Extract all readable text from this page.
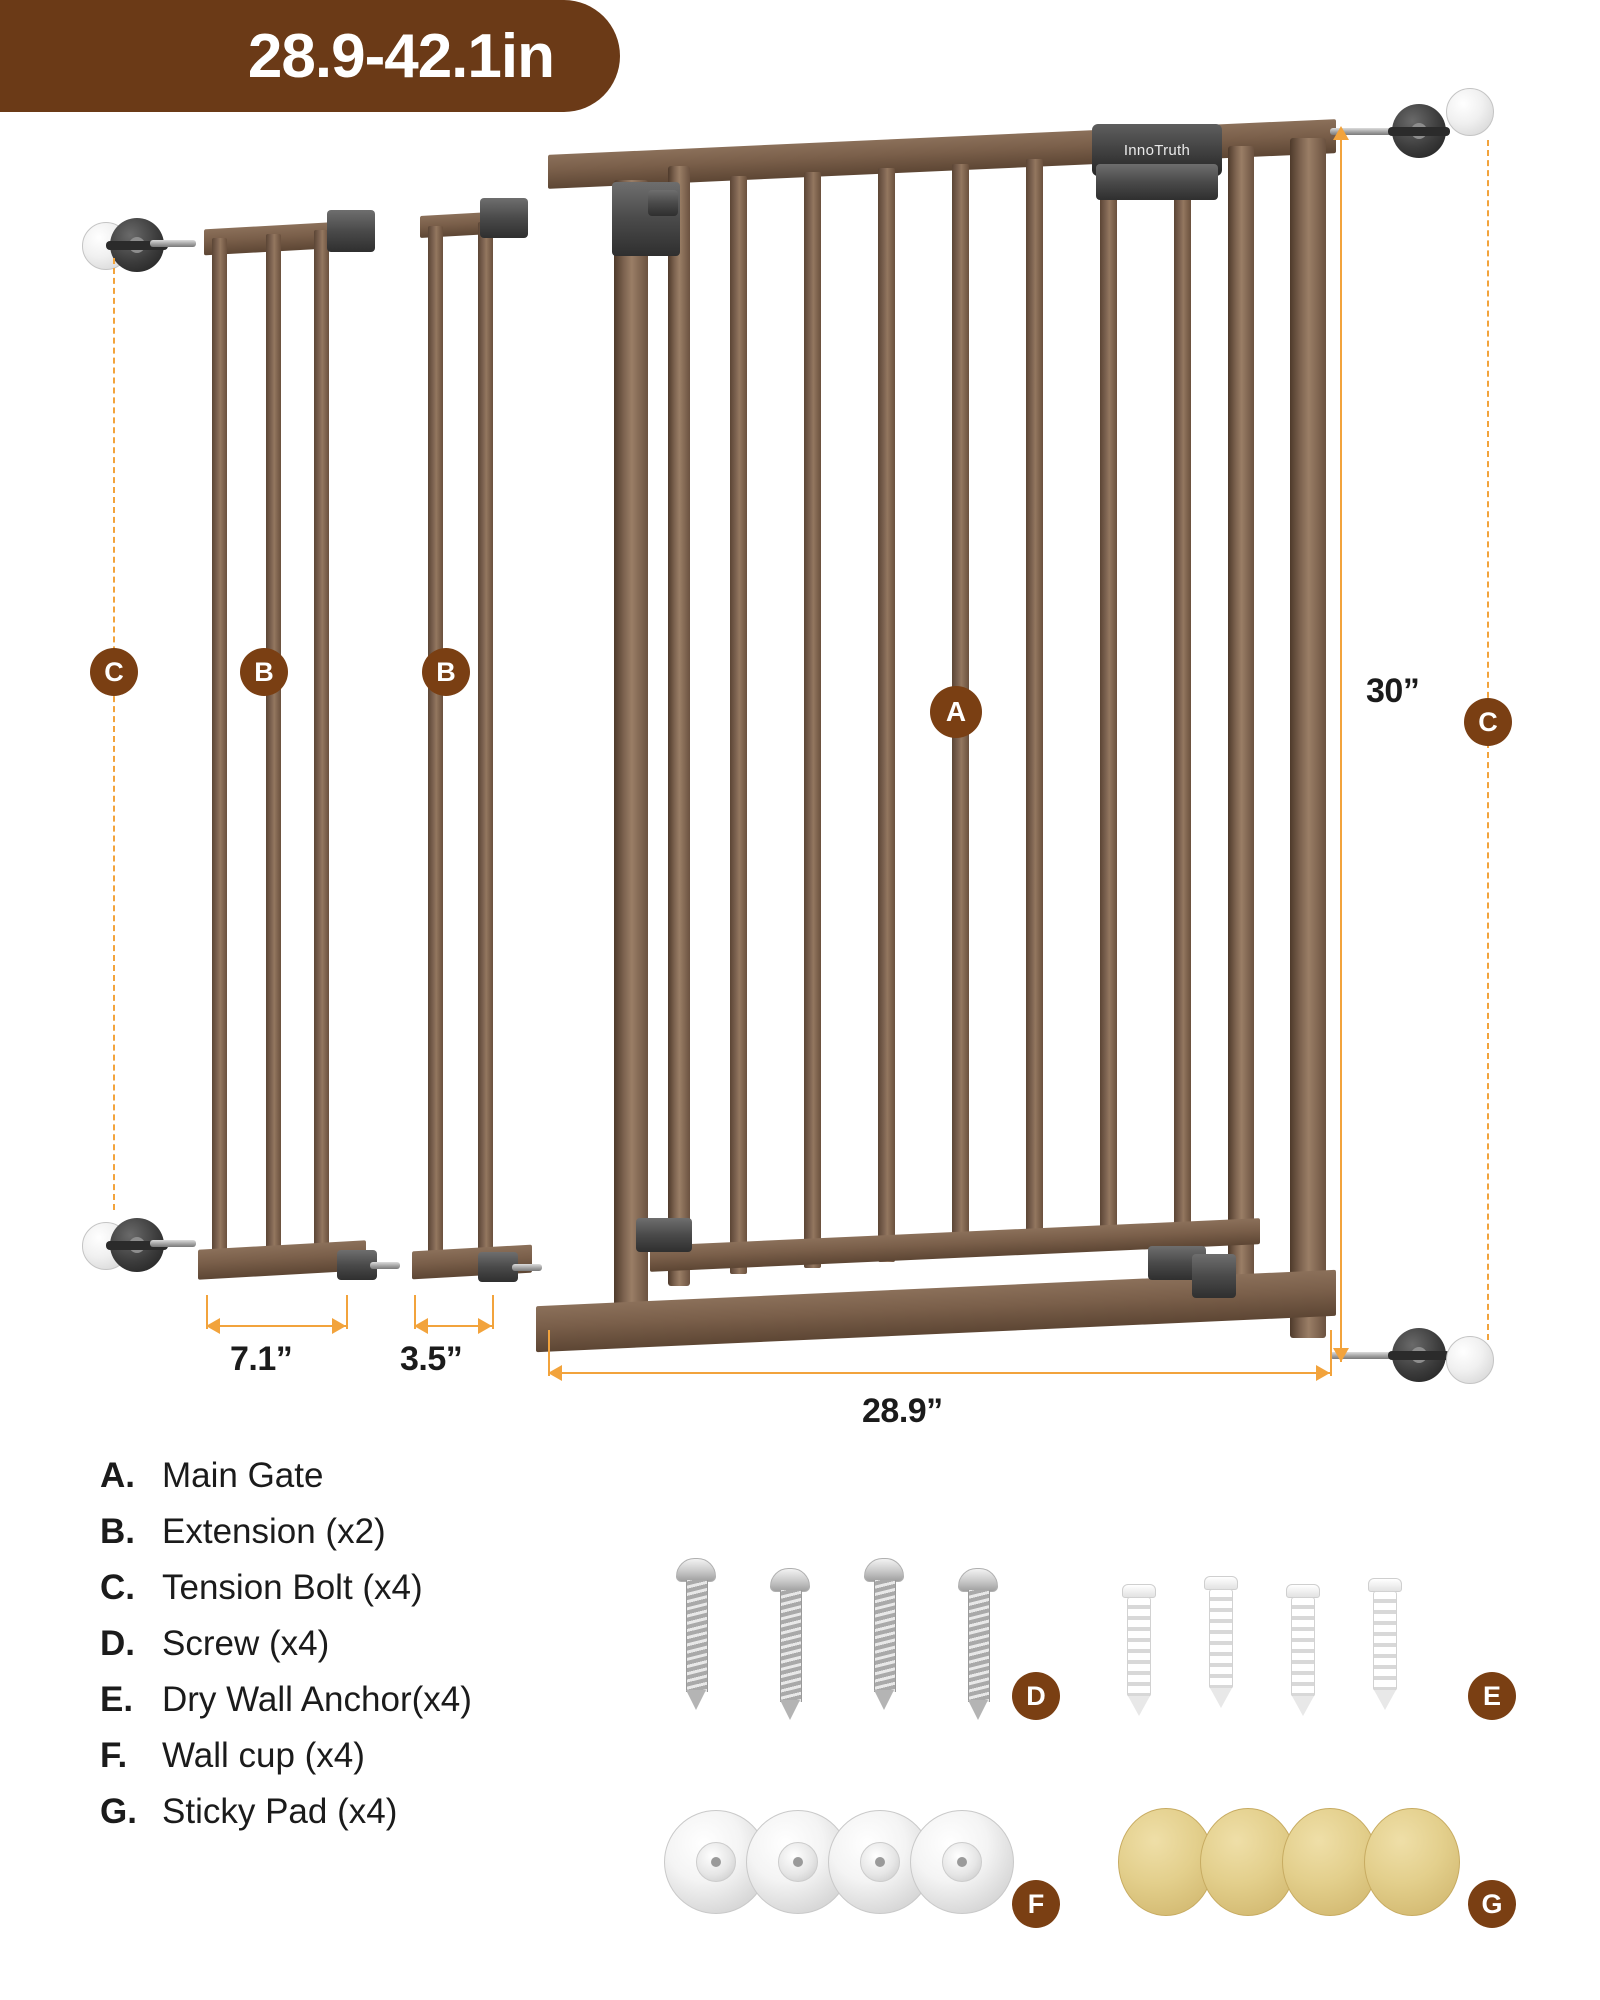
28.9-42.1in
C	B
7.1”
B
3.5”
InnoTruth
A	C
30”
28.9”
A. Main Gate
B. Extension (x2)
C. Tension Bolt (x4)
D. Screw (x4)
E. Dry Wall Anchor(x4)
F. Wall cup (x4)
G. Sticky Pad (x4)
D	E
F	G
